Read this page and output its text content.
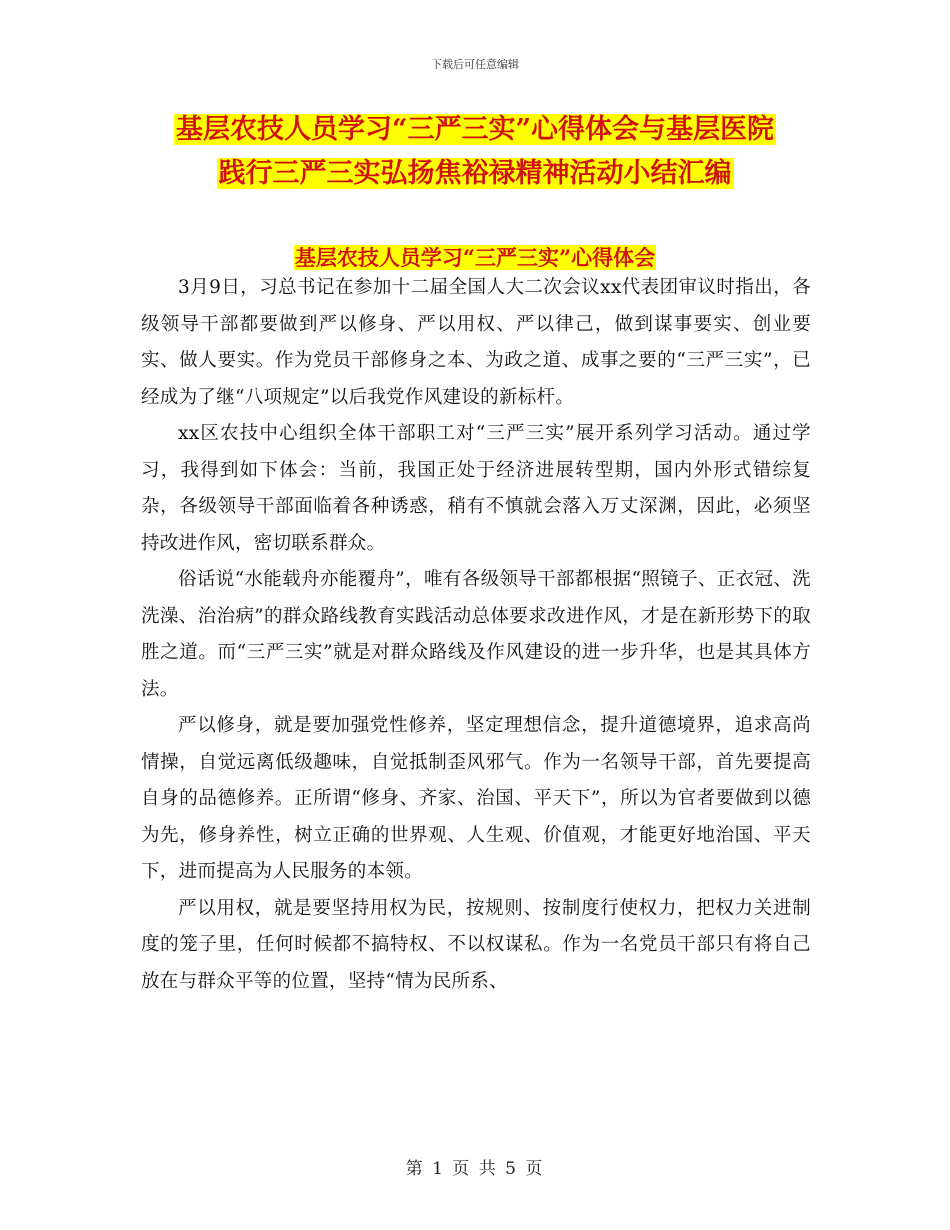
下载后可任意编辑
基层农技人员学习“三严三实”心得体会与基层医院
践行三严三实弘扬焦裕禄精神活动小结汇编
基层农技人员学习“三严三实”心得体会

3月9日，习总书记在参加十二届全国人大二次会议xx代表团审议时指出，各级领导干部都要做到严以修身、严以用权、严以律己，做到谋事要实、创业要实、做人要实。作为党员干部修身之本、为政之道、成事之要的“三严三实”，已经成为了继“八项规定”以后我党作风建设的新标杆。

xx区农技中心组织全体干部职工对“三严三实”展开系列学习活动。通过学习，我得到如下体会：当前，我国正处于经济进展转型期，国内外形式错综复杂，各级领导干部面临着各种诱惑，稍有不慎就会落入万丈深渊，因此，必须坚持改进作风，密切联系群众。

俗话说“水能载舟亦能覆舟”，唯有各级领导干部都根据“照镜子、正衣冠、洗洗澡、治治病”的群众路线教育实践活动总体要求改进作风，才是在新形势下的取胜之道。而“三严三实”就是对群众路线及作风建设的进一步升华，也是其具体方法。

严以修身，就是要加强党性修养，坚定理想信念，提升道德境界，追求高尚情操，自觉远离低级趣味，自觉抵制歪风邪气。作为一名领导干部，首先要提高自身的品德修养。正所谓“修身、齐家、治国、平天下”，所以为官者要做到以德为先，修身养性，树立正确的世界观、人生观、价值观，才能更好地治国、平天下，进而提高为人民服务的本领。

严以用权，就是要坚持用权为民，按规则、按制度行使权力，把权力关进制度的笼子里，任何时候都不搞特权、不以权谋私。作为一名党员干部只有将自己放在与群众平等的位置，坚持“情为民所系、

第 1 页 共 5 页
